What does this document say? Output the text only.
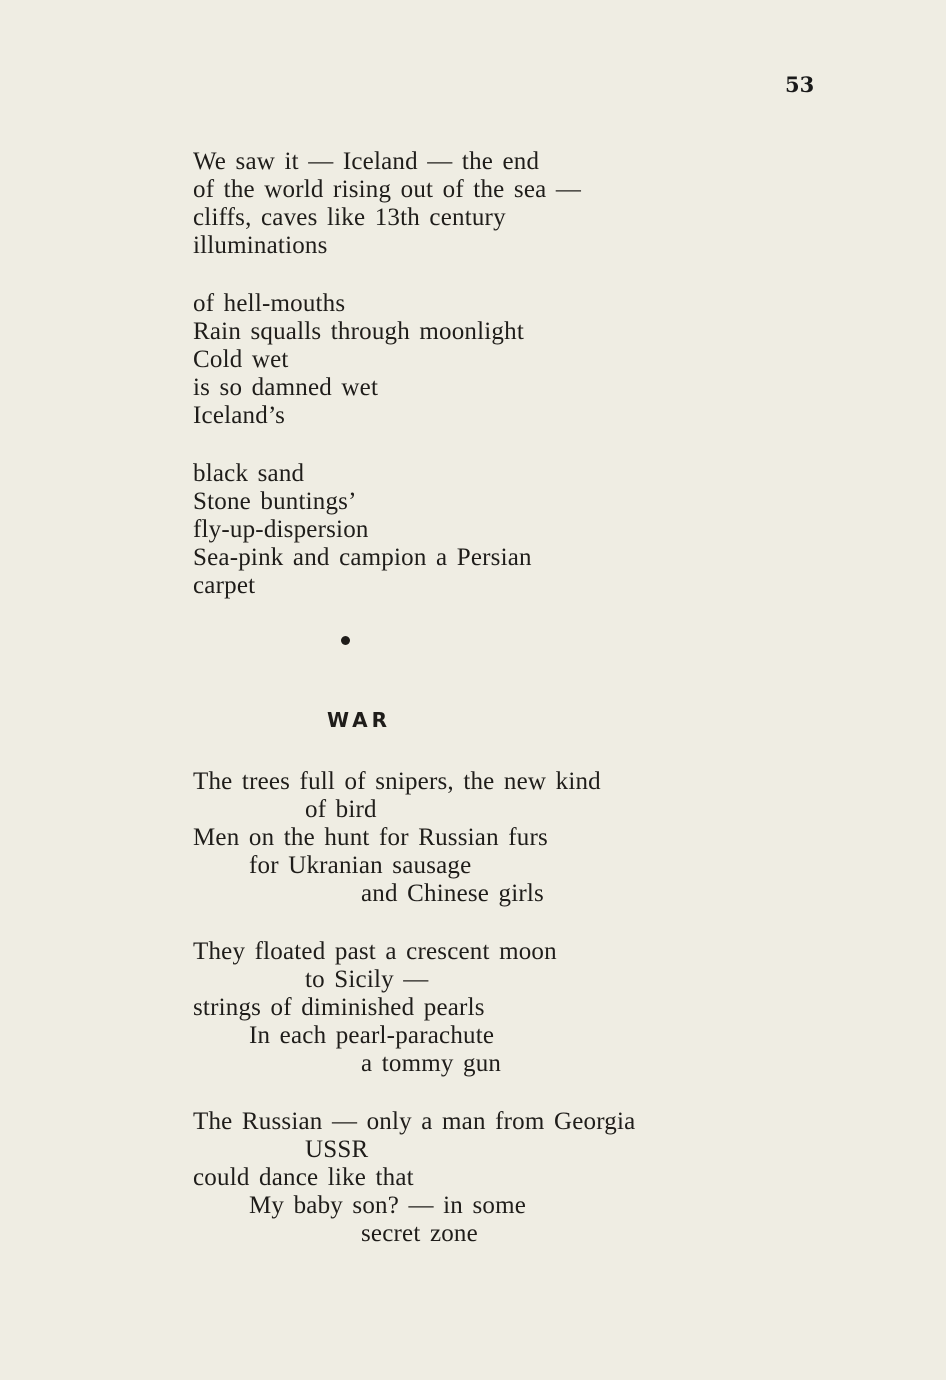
53
We saw it — Iceland — the end
of the world rising out of the sea —
cliffs, caves like 13th century
illuminations
of hell-mouths
Rain squalls through moonlight
Cold wet
is so damned wet
Iceland’s
black sand
Stone buntings’
fly-up-dispersion
Sea-pink and campion a Persian
carpet
WAR
The trees full of snipers, the new kind
of bird
Men on the hunt for Russian furs
for Ukranian sausage
and Chinese girls
They floated past a crescent moon
to Sicily —
strings of diminished pearls
In each pearl-parachute
a tommy gun
The Russian — only a man from Georgia
USSR
could dance like that
My baby son? — in some
secret zone
